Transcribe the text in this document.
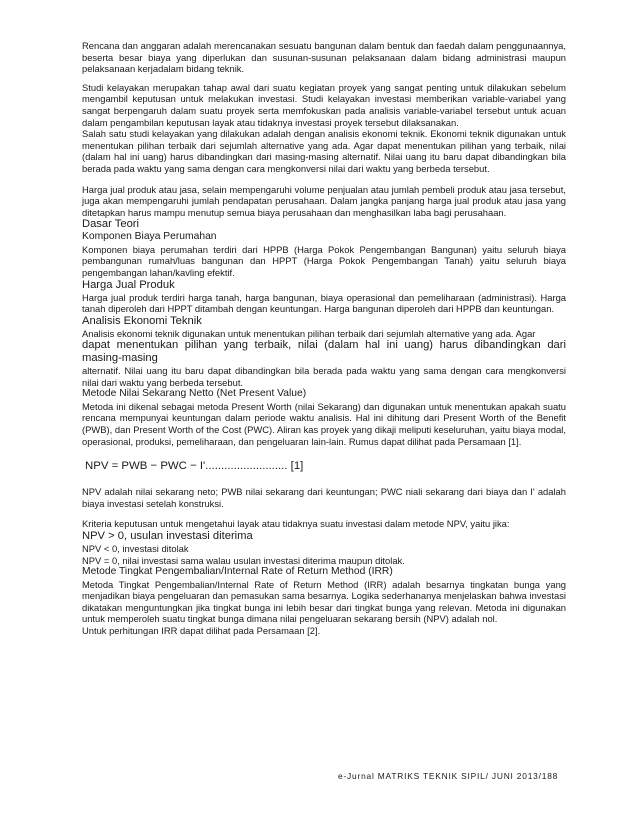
Rencana dan anggaran adalah merencanakan sesuatu bangunan dalam bentuk dan faedah dalam penggunaannya, beserta besar biaya yang diperlukan dan susunan-susunan pelaksanaan dalam bidang administrasi maupun pelaksanaan kerjadalam bidang teknik.

Studi kelayakan merupakan tahap awal dari suatu kegiatan proyek yang sangat penting untuk dilakukan sebelum mengambil keputusan untuk melakukan investasi. Studi kelayakan investasi memberikan variable-variabel yang sangat berpengaruh dalam suatu proyek serta memfokuskan pada analisis variable-variabel tersebut untuk acuan dalam pengambilan keputusan layak atau tidaknya investasi proyek tersebut dilaksanakan.

Salah satu studi kelayakan yang dilakukan adalah dengan analisis ekonomi teknik. Ekonomi teknik digunakan untuk menentukan pilihan terbaik dari sejumlah alternative yang ada. Agar dapat menentukan pilihan yang terbaik, nilai (dalam hal ini uang) harus dibandingkan dari masing-masing alternatif. Nilai uang itu baru dapat dibandingkan bila berada pada waktu yang sama dengan cara mengkonversi nilai dari waktu yang berbeda tersebut.

Harga jual produk atau jasa, selain mempengaruhi volume penjualan atau jumlah pembeli produk atau jasa tersebut, juga akan mempengaruhi jumlah pendapatan perusahaan. Dalam jangka panjang harga jual produk atau jasa yang ditetapkan harus mampu menutup semua biaya perusahaan dan menghasilkan laba bagi perusahaan.

Dasar Teori
Komponen Biaya Perumahan

Komponen biaya perumahan terdiri dari HPPB (Harga Pokok Pengembangan Bangunan) yaitu seluruh biaya pembangunan rumah/luas bangunan dan HPPT (Harga Pokok Pengembangan Tanah) yaitu seluruh biaya pengembangan lahan/kavling efektif.

Harga Jual Produk

Harga jual produk terdiri harga tanah, harga bangunan, biaya operasional dan pemeliharaan (administrasi). Harga tanah diperoleh dari HPPT ditambah dengan keuntungan. Harga bangunan diperoleh dari HPPB dan keuntungan.

Analisis Ekonomi Teknik

Analisis ekonomi teknik digunakan untuk menentukan pilihan terbaik dari sejumlah alternative yang ada. Agar

dapat menentukan pilihan yang terbaik, nilai (dalam hal ini uang) harus dibandingkan dari masing-masing

alternatif. Nilai uang itu baru dapat dibandingkan bila berada pada waktu yang sama dengan cara mengkonversi nilai dari waktu yang berbeda tersebut.

Metode Nilai Sekarang Netto (Net Present Value)

Metoda ini dikenal sebagai metoda Present Worth (nilai Sekarang) dan digunakan untuk menentukan apakah suatu rencana mempunyai keuntungan dalam periode waktu analisis. Hal ini dihitung dari Present Worth of the Benefit (PWB), dan Present Worth of the Cost (PWC). Aliran kas proyek yang dikaji meliputi keseluruhan, yaitu biaya modal, operasional, produksi, pemeliharaan, dan pengeluaran lain-lain. Rumus dapat dilihat pada Persamaan [1].

NPV = PWB − PWC − I'.......................... [1]

NPV adalah nilai sekarang neto; PWB nilai sekarang dari keuntungan; PWC niali sekarang dari biaya dan I' adalah biaya investasi setelah konstruksi.

Kriteria keputusan untuk mengetahui layak atau tidaknya suatu investasi dalam metode NPV, yaitu jika:

NPV > 0, usulan investasi diterima

NPV < 0, investasi ditolak

NPV = 0, nilai investasi sama walau usulan investasi diterima maupun ditolak.

Metode Tingkat Pengembalian/Internal Rate of Return Method (IRR)

Metoda Tingkat Pengembalian/Internal Rate of Return Method (IRR) adalah besarnya tingkatan bunga yang menjadikan biaya pengeluaran dan pemasukan sama besarnya. Logika sederhananya menjelaskan bahwa investasi dikatakan menguntungkan jika tingkat bunga ini lebih besar dari tingkat bunga yang relevan. Metoda ini digunakan untuk memperoleh suatu tingkat bunga dimana nilai pengeluaran sekarang bersih (NPV) adalah nol.

Untuk perhitungan IRR dapat dilihat pada Persamaan [2].

e-Jurnal MATRIKS TEKNIK SIPIL/ JUNI 2013/188
